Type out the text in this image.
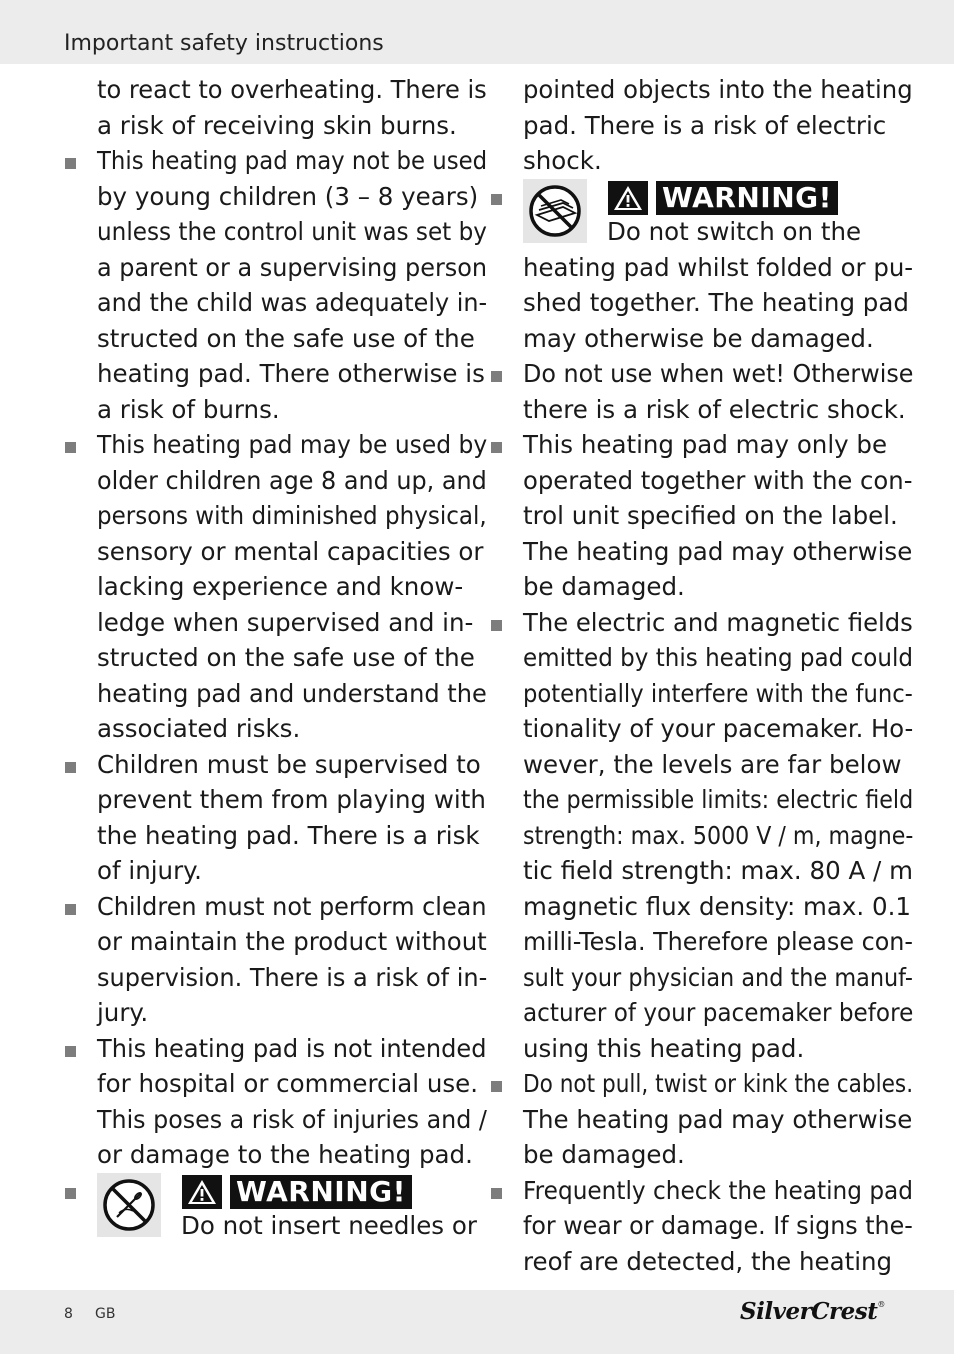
Important safety instructions
to react to overheating. There is
a risk of receiving skin burns.
This heating pad may not be used
by young children (3 – 8 years)
unless the control unit was set by
a parent or a supervising person
and the child was adequately in-
structed on the safe use of the
heating pad. There otherwise is
a risk of burns.
This heating pad may be used by
older children age 8 and up, and
persons with diminished physical,
sensory or mental capacities or
lacking experience and know-
ledge when supervised and in-
structed on the safe use of the
heating pad and understand the
associated risks.
Children must be supervised to
prevent them from playing with
the heating pad. There is a risk
of injury.
Children must not perform clean
or maintain the product without
supervision. There is a risk of in-
jury.
This heating pad is not intended
for hospital or commercial use.
This poses a risk of injuries and /
or damage to the heating pad.
WARNING!
Do not insert needles or
pointed objects into the heating
pad. There is a risk of electric
shock.
WARNING!
Do not switch on the
heating pad whilst folded or pu-
shed together. The heating pad
may otherwise be damaged.
Do not use when wet! Otherwise
there is a risk of electric shock.
This heating pad may only be
operated together with the con-
trol unit specified on the label.
The heating pad may otherwise
be damaged.
The electric and magnetic fields
emitted by this heating pad could
potentially interfere with the func-
tionality of your pacemaker. Ho-
wever, the levels are far below
the permissible limits: electric field
strength: max. 5000 V / m, magne-
tic field strength: max. 80 A / m
magnetic flux density: max. 0.1
milli-Tesla. Therefore please con-
sult your physician and the manuf-
acturer of your pacemaker before
using this heating pad.
Do not pull, twist or kink the cables.
The heating pad may otherwise
be damaged.
Frequently check the heating pad
for wear or damage. If signs the-
reof are detected, the heating
8 GB	SilverCrest®
